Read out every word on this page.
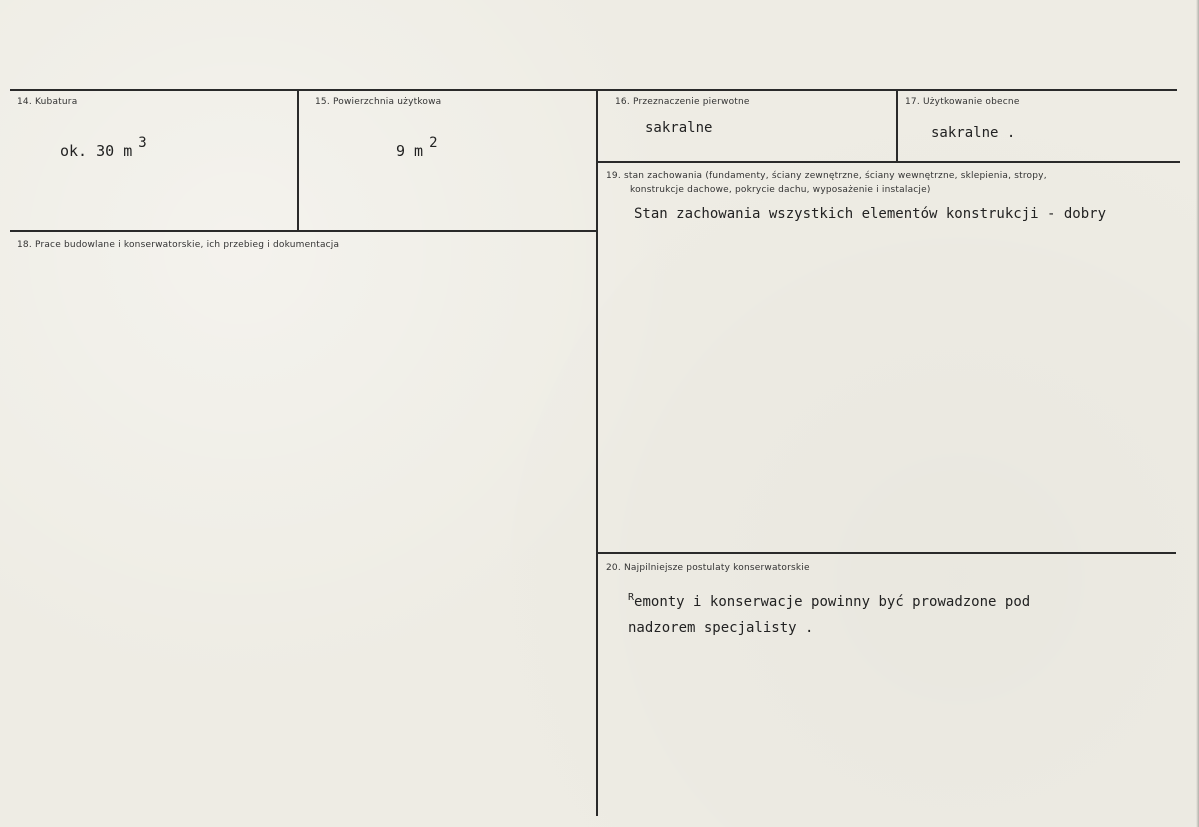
14. Kubatura
ok. 30 m 3
15. Powierzchnia użytkowa
9 m 2
16. Przeznaczenie pierwotne
sakralne
17. Użytkowanie obecne
sakralne .
18. Prace budowlane i konserwatorskie, ich przebieg i dokumentacja
19. stan zachowania (fundamenty, ściany zewnętrzne, ściany wewnętrzne, sklepienia, stropy,
konstrukcje dachowe, pokrycie dachu, wyposażenie i instalacje)
Stan zachowania wszystkich elementów konstrukcji - dobry
20. Najpilniejsze postulaty konserwatorskie
$^R$emonty i konserwacje powinny być prowadzone pod
nadzorem specjalisty .
